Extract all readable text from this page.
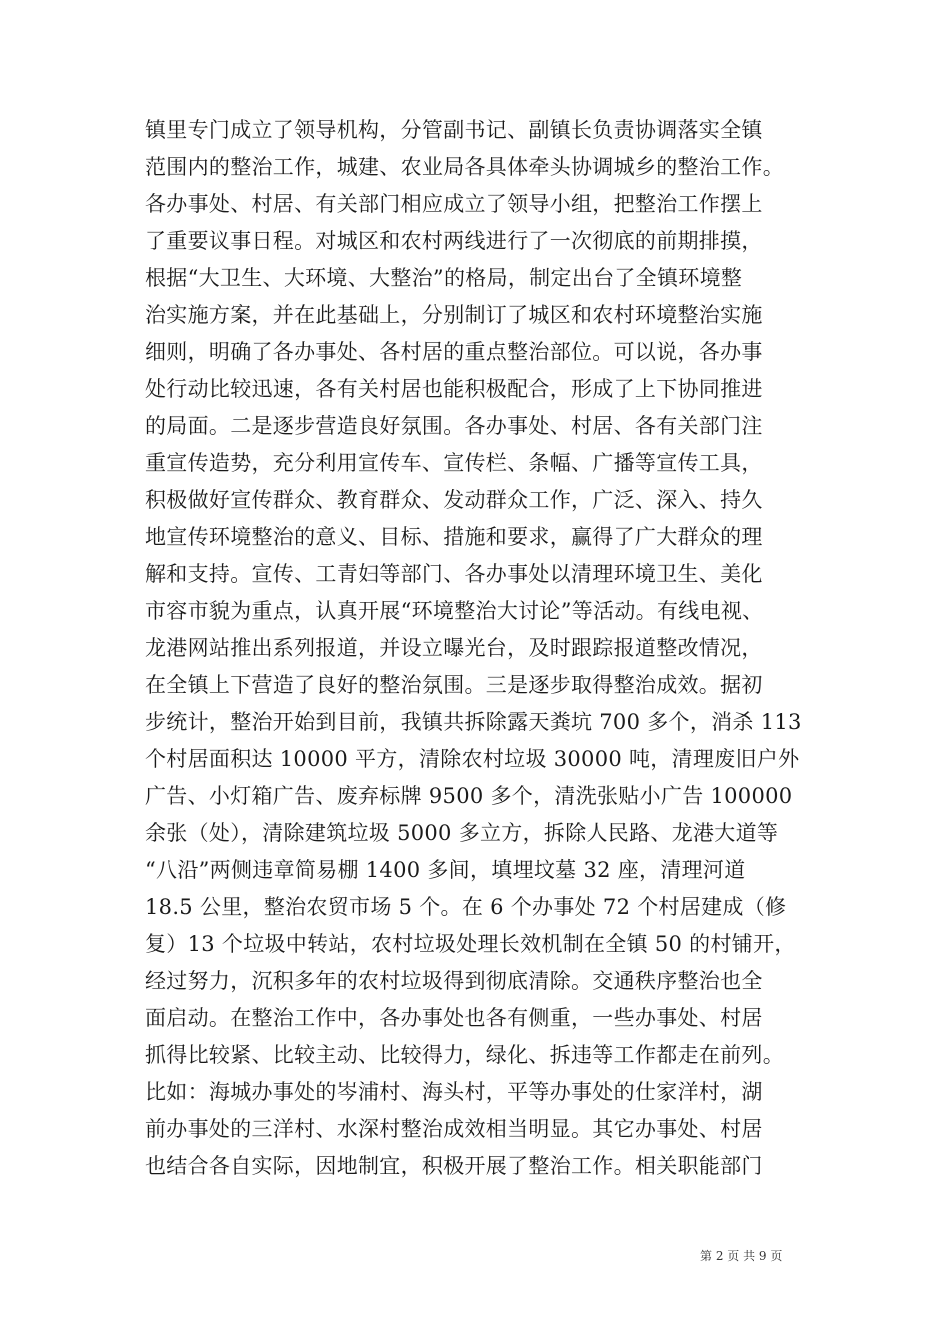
镇里专门成立了领导机构，分管副书记、副镇长负责协调落实全镇
范围内的整治工作，城建、农业局各具体牵头协调城乡的整治工作。
各办事处、村居、有关部门相应成立了领导小组，把整治工作摆上
了重要议事日程。对城区和农村两线进行了一次彻底的前期排摸，
根据“大卫生、大环境、大整治”的格局，制定出台了全镇环境整
治实施方案，并在此基础上，分别制订了城区和农村环境整治实施
细则，明确了各办事处、各村居的重点整治部位。可以说，各办事
处行动比较迅速，各有关村居也能积极配合，形成了上下协同推进
的局面。二是逐步营造良好氛围。各办事处、村居、各有关部门注
重宣传造势，充分利用宣传车、宣传栏、条幅、广播等宣传工具，
积极做好宣传群众、教育群众、发动群众工作，广泛、深入、持久
地宣传环境整治的意义、目标、措施和要求，赢得了广大群众的理
解和支持。宣传、工青妇等部门、各办事处以清理环境卫生、美化
市容市貌为重点，认真开展“环境整治大讨论”等活动。有线电视、
龙港网站推出系列报道，并设立曝光台，及时跟踪报道整改情况，
在全镇上下营造了良好的整治氛围。三是逐步取得整治成效。据初
步统计，整治开始到目前，我镇共拆除露天粪坑 700 多个，消杀 113
个村居面积达 10000 平方，清除农村垃圾 30000 吨，清理废旧户外
广告、小灯箱广告、废弃标牌 9500 多个，清洗张贴小广告 100000
余张（处），清除建筑垃圾 5000 多立方，拆除人民路、龙港大道等
“八沿”两侧违章简易棚 1400 多间，填埋坟墓 32 座，清理河道
18.5 公里，整治农贸市场 5 个。在 6 个办事处 72 个村居建成（修
复）13 个垃圾中转站，农村垃圾处理长效机制在全镇 50 的村铺开，
经过努力，沉积多年的农村垃圾得到彻底清除。交通秩序整治也全
面启动。在整治工作中，各办事处也各有侧重，一些办事处、村居
抓得比较紧、比较主动、比较得力，绿化、拆违等工作都走在前列。
比如：海城办事处的岑浦村、海头村，平等办事处的仕家洋村，湖
前办事处的三洋村、水深村整治成效相当明显。其它办事处、村居
也结合各自实际，因地制宜，积极开展了整治工作。相关职能部门
第 2 页 共 9 页
